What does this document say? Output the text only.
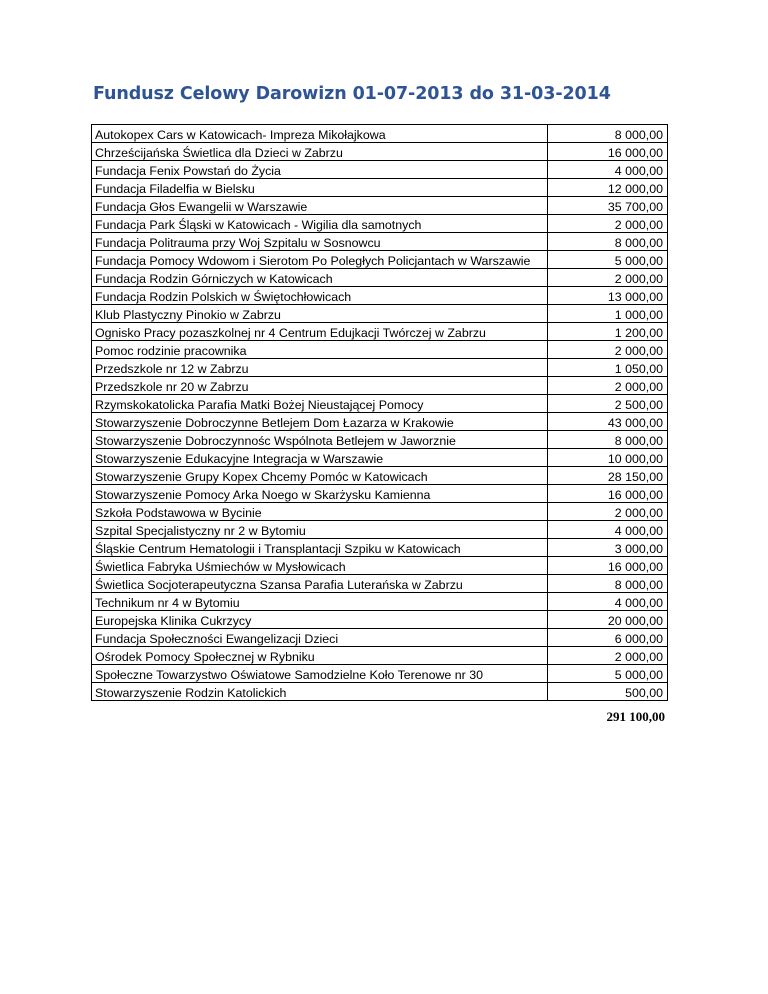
Fundusz Celowy Darowizn 01-07-2013 do 31-03-2014
Autokopex Cars w Katowicach- Impreza Mikołajkowa	8 000,00
Chrześcijańska Świetlica dla Dzieci w Zabrzu	16 000,00
Fundacja Fenix Powstań do Życia	4 000,00
Fundacja Filadelfia w Bielsku	12 000,00
Fundacja Głos Ewangelii w Warszawie	35 700,00
Fundacja Park Śląski w Katowicach - Wigilia dla samotnych	2 000,00
Fundacja Politrauma przy Woj Szpitalu w Sosnowcu	8 000,00
Fundacja Pomocy Wdowom i Sierotom Po Poległych Policjantach w Warszawie	5 000,00
Fundacja Rodzin Górniczych w Katowicach	2 000,00
Fundacja Rodzin Polskich w Świętochłowicach	13 000,00
Klub Plastyczny Pinokio w Zabrzu	1 000,00
Ognisko Pracy pozaszkolnej nr 4 Centrum Edujkacji Twórczej w Zabrzu	1 200,00
Pomoc rodzinie pracownika	2 000,00
Przedszkole nr 12 w Zabrzu	1 050,00
Przedszkole nr 20 w Zabrzu	2 000,00
Rzymskokatolicka Parafia Matki Bożej Nieustającej Pomocy	2 500,00
Stowarzyszenie Dobroczynne Betlejem Dom Łazarza w Krakowie	43 000,00
Stowarzyszenie Dobroczynnośc Wspólnota Betlejem w Jaworznie	8 000,00
Stowarzyszenie Edukacyjne Integracja w Warszawie	10 000,00
Stowarzyszenie Grupy Kopex Chcemy Pomóc w Katowicach	28 150,00
Stowarzyszenie Pomocy Arka Noego w Skarżysku Kamienna	16 000,00
Szkoła Podstawowa w Bycinie	2 000,00
Szpital Specjalistyczny nr 2 w Bytomiu	4 000,00
Śląskie Centrum Hematologii i Transplantacji Szpiku w Katowicach	3 000,00
Świetlica Fabryka Uśmiechów w Mysłowicach	16 000,00
Świetlica Socjoterapeutyczna Szansa Parafia Luterańska w Zabrzu	8 000,00
Technikum nr 4 w Bytomiu	4 000,00
Europejska Klinika Cukrzycy	20 000,00
Fundacja Społeczności Ewangelizacji Dzieci	6 000,00
Ośrodek Pomocy Społecznej w Rybniku	2 000,00
Społeczne Towarzystwo Oświatowe Samodzielne Koło Terenowe nr 30	5 000,00
Stowarzyszenie Rodzin Katolickich	500,00
291 100,00
